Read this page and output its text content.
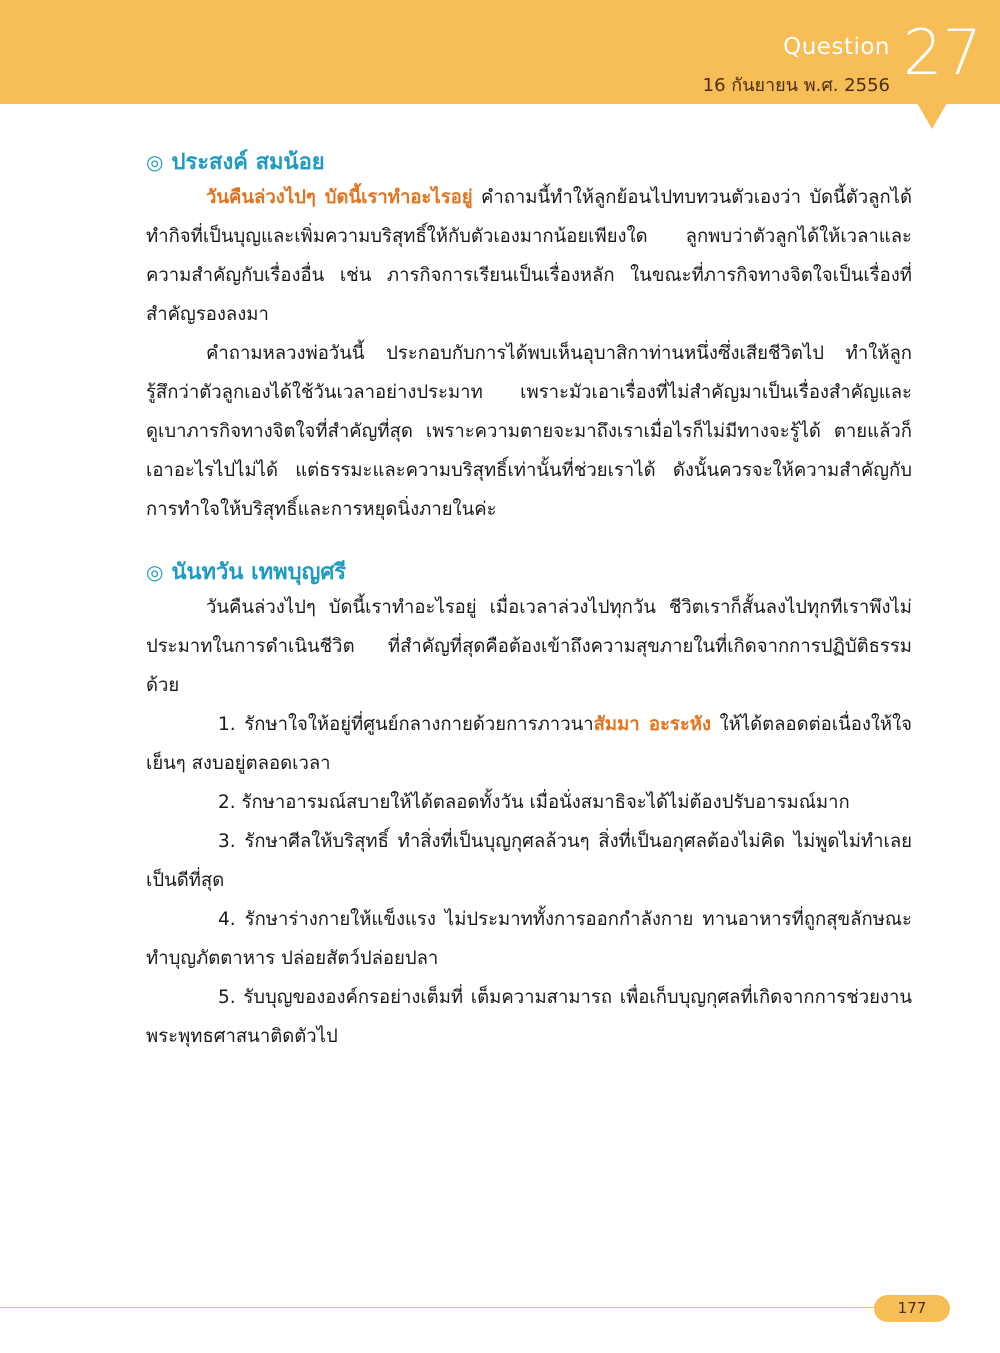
Question
16 กันยายน พ.ศ. 2556 27
◎ ประสงค์ สมน้อย
วันคืนล่วงไปๆ บัดนี้เราทำอะไรอยู่ คำถามนี้ทำให้ลูกย้อนไปทบทวนตัวเองว่า บัดนี้ตัวลูกได้ทำกิจที่เป็นบุญและเพิ่มความบริสุทธิ์ให้กับตัวเองมากน้อยเพียงใด ลูกพบว่าตัวลูกได้ให้เวลาและความสำคัญกับเรื่องอื่น เช่น ภารกิจการเรียนเป็นเรื่องหลัก ในขณะที่ภารกิจทางจิตใจเป็นเรื่องที่สำคัญรองลงมา
คำถามหลวงพ่อวันนี้ ประกอบกับการได้พบเห็นอุบาสิกาท่านหนึ่งซึ่งเสียชีวิตไป ทำให้ลูกรู้สึกว่าตัวลูกเองได้ใช้วันเวลาอย่างประมาท เพราะมัวเอาเรื่องที่ไม่สำคัญมาเป็นเรื่องสำคัญและดูเบาภารกิจทางจิตใจที่สำคัญที่สุด เพราะความตายจะมาถึงเราเมื่อไรก็ไม่มีทางจะรู้ได้ ตายแล้วก็เอาอะไรไปไม่ได้ แต่ธรรมะและความบริสุทธิ์เท่านั้นที่ช่วยเราได้ ดังนั้นควรจะให้ความสำคัญกับการทำใจให้บริสุทธิ์และการหยุดนิ่งภายในค่ะ
◎ นันทวัน เทพบุญศรี
วันคืนล่วงไปๆ บัดนี้เราทำอะไรอยู่ เมื่อเวลาล่วงไปทุกวัน ชีวิตเราก็สั้นลงไปทุกทีเราพึงไม่ประมาทในการดำเนินชีวิต ที่สำคัญที่สุดคือต้องเข้าถึงความสุขภายในที่เกิดจากการปฏิบัติธรรมด้วย
1. รักษาใจให้อยู่ที่ศูนย์กลางกายด้วยการภาวนาสัมมา อะระหัง ให้ได้ตลอดต่อเนื่องให้ใจเย็นๆ สงบอยู่ตลอดเวลา
2. รักษาอารมณ์สบายให้ได้ตลอดทั้งวัน เมื่อนั่งสมาธิจะได้ไม่ต้องปรับอารมณ์มาก
3. รักษาศีลให้บริสุทธิ์ ทำสิ่งที่เป็นบุญกุศลล้วนๆ สิ่งที่เป็นอกุศลต้องไม่คิด ไม่พูดไม่ทำเลยเป็นดีที่สุด
4. รักษาร่างกายให้แข็งแรง ไม่ประมาททั้งการออกกำลังกาย ทานอาหารที่ถูกสุขลักษณะ ทำบุญภัตตาหาร ปล่อยสัตว์ปล่อยปลา
5. รับบุญขององค์กรอย่างเต็มที่ เต็มความสามารถ เพื่อเก็บบุญกุศลที่เกิดจากการช่วยงานพระพุทธศาสนาติดตัวไป
177
